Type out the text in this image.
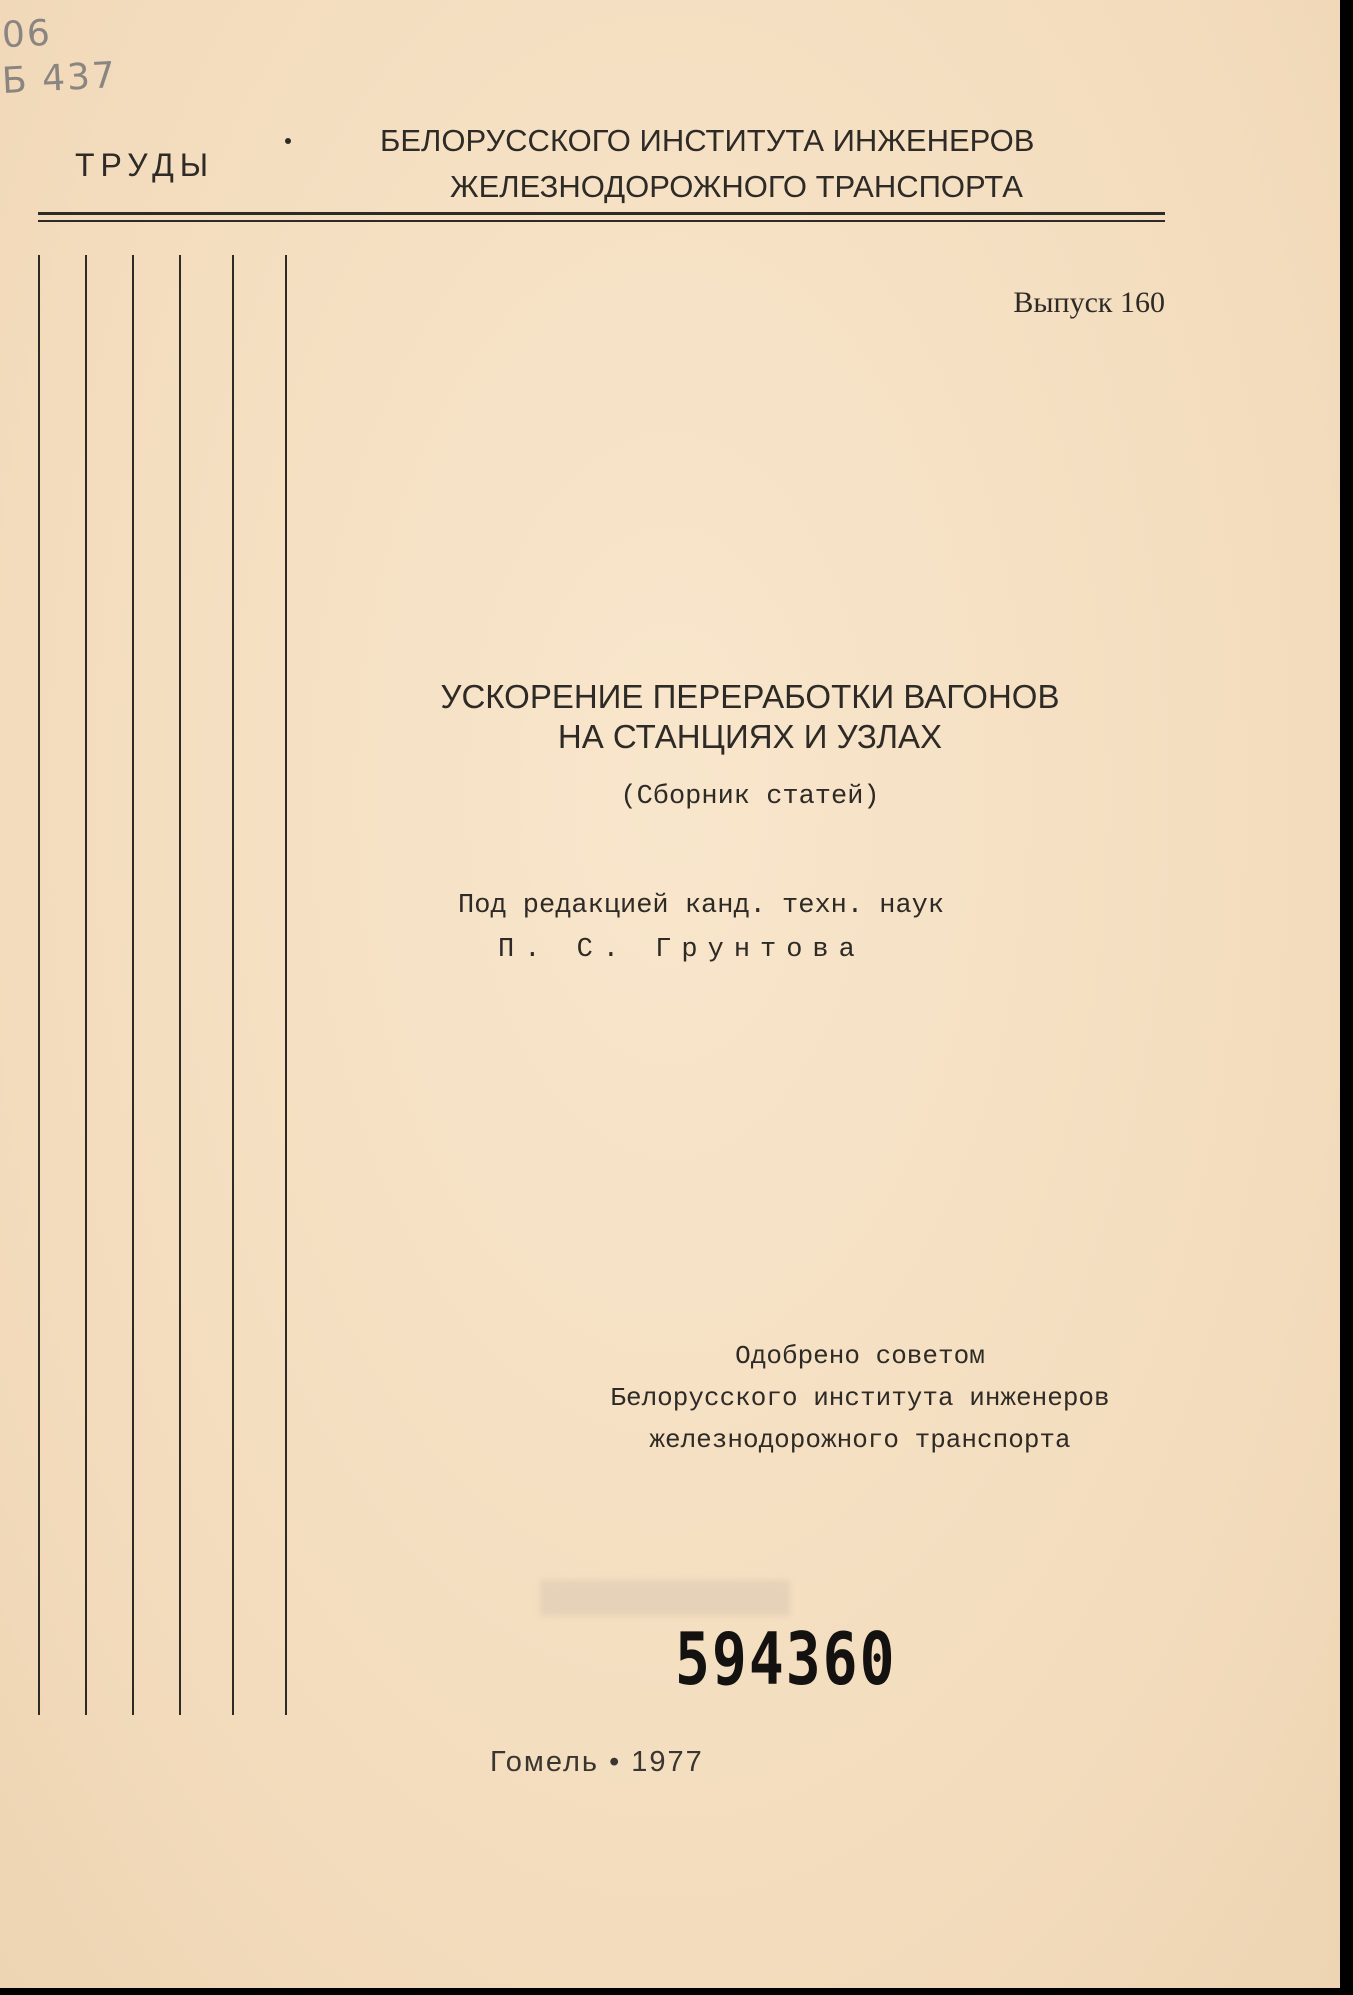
06
Б 437
ТРУДЫ
БЕЛОРУССКОГО ИНСТИТУТА ИНЖЕНЕРОВ
ЖЕЛЕЗНОДОРОЖНОГО ТРАНСПОРТА
Выпуск 160
УСКОРЕНИЕ ПЕРЕРАБОТКИ ВАГОНОВ
НА СТАНЦИЯХ И УЗЛАХ
(Сборник статей)
Под редакцией канд. техн. наук
П. С. Грунтова
Одобрено советом
Белорусского института инженеров
железнодорожного транспорта
594360
Гомель • 1977
